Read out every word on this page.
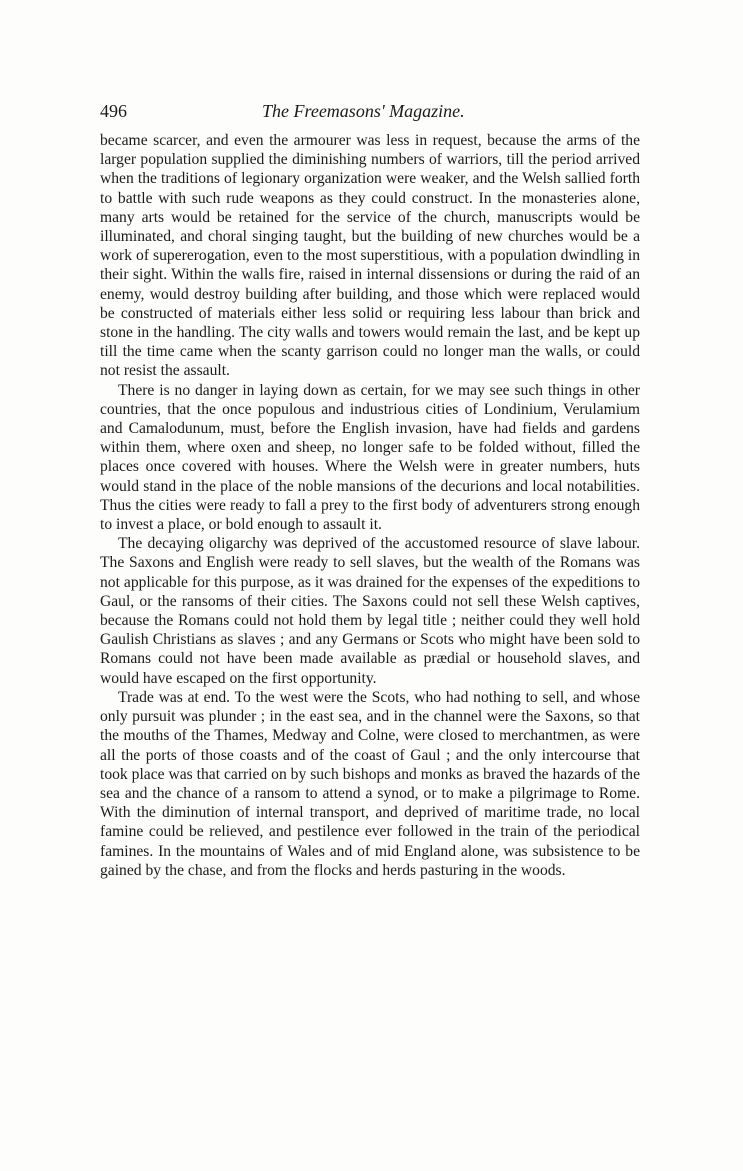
496	The Freemasons' Magazine.

became scarcer, and even the armourer was less in request, because the arms of the larger population supplied the diminishing numbers of warriors, till the period arrived when the traditions of legionary organization were weaker, and the Welsh sallied forth to battle with such rude weapons as they could construct. In the monasteries alone, many arts would be retained for the service of the church, manuscripts would be illuminated, and choral singing taught, but the building of new churches would be a work of supererogation, even to the most superstitious, with a population dwindling in their sight. Within the walls fire, raised in internal dissensions or during the raid of an enemy, would destroy building after building, and those which were replaced would be constructed of materials either less solid or requiring less labour than brick and stone in the handling. The city walls and towers would remain the last, and be kept up till the time came when the scanty garrison could no longer man the walls, or could not resist the assault.

There is no danger in laying down as certain, for we may see such things in other countries, that the once populous and industrious cities of Londinium, Verulamium and Camalodunum, must, before the English invasion, have had fields and gardens within them, where oxen and sheep, no longer safe to be folded without, filled the places once covered with houses. Where the Welsh were in greater numbers, huts would stand in the place of the noble mansions of the decurions and local notabilities. Thus the cities were ready to fall a prey to the first body of adventurers strong enough to invest a place, or bold enough to assault it.

The decaying oligarchy was deprived of the accustomed resource of slave labour. The Saxons and English were ready to sell slaves, but the wealth of the Romans was not applicable for this purpose, as it was drained for the expenses of the expeditions to Gaul, or the ransoms of their cities. The Saxons could not sell these Welsh captives, because the Romans could not hold them by legal title ; neither could they well hold Gaulish Christians as slaves ; and any Germans or Scots who might have been sold to Romans could not have been made available as prædial or household slaves, and would have escaped on the first opportunity.

Trade was at end. To the west were the Scots, who had nothing to sell, and whose only pursuit was plunder ; in the east sea, and in the channel were the Saxons, so that the mouths of the Thames, Medway and Colne, were closed to merchantmen, as were all the ports of those coasts and of the coast of Gaul ; and the only intercourse that took place was that carried on by such bishops and monks as braved the hazards of the sea and the chance of a ransom to attend a synod, or to make a pilgrimage to Rome. With the diminution of internal transport, and deprived of maritime trade, no local famine could be relieved, and pestilence ever followed in the train of the periodical famines. In the mountains of Wales and of mid England alone, was subsistence to be gained by the chase, and from the flocks and herds pasturing in the woods.
